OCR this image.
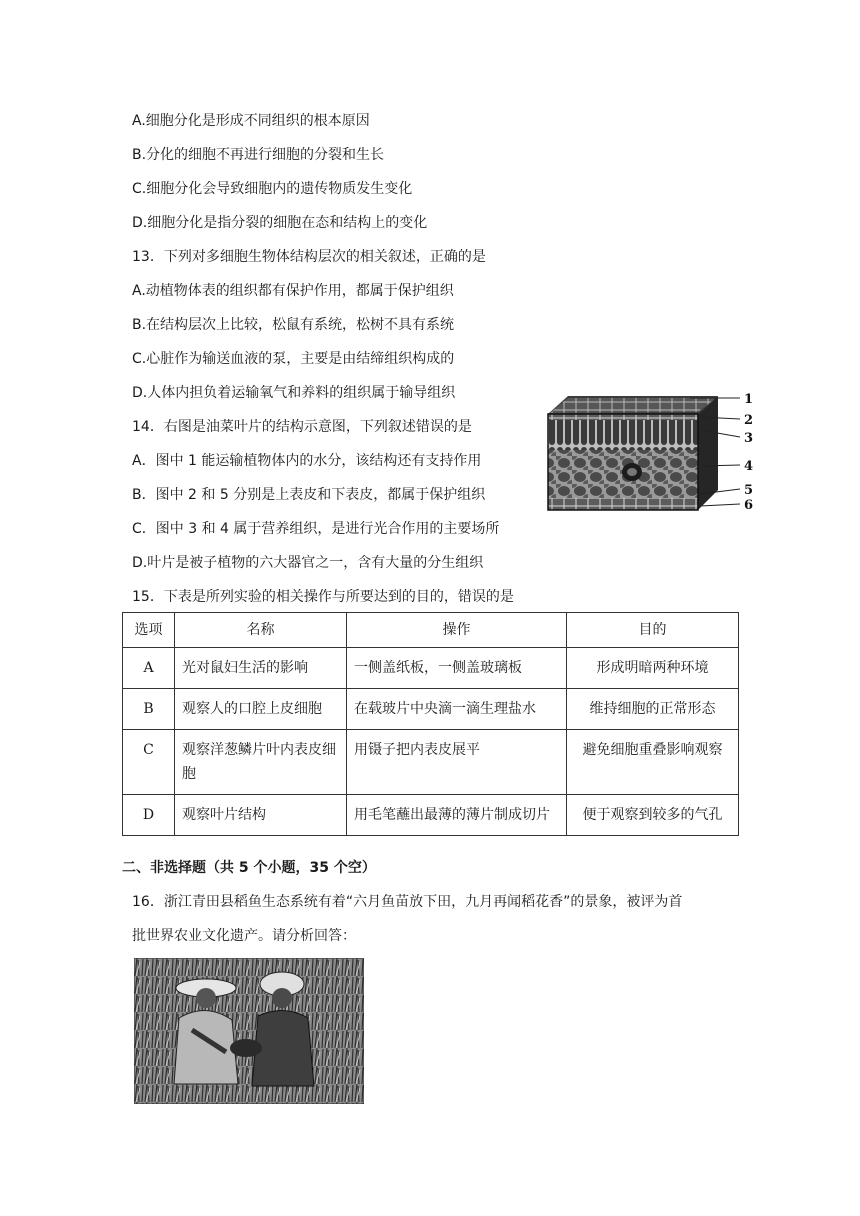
A.细胞分化是形成不同组织的根本原因
B.分化的细胞不再进行细胞的分裂和生长
C.细胞分化会导致细胞内的遗传物质发生变化
D.细胞分化是指分裂的细胞在态和结构上的变化
13．下列对多细胞生物体结构层次的相关叙述，正确的是
A.动植物体表的组织都有保护作用，都属于保护组织
B.在结构层次上比较，松鼠有系统，松树不具有系统
C.心脏作为输送血液的泵，主要是由结缔组织构成的
D.人体内担负着运输氧气和养料的组织属于输导组织
14．右图是油菜叶片的结构示意图，下列叙述错误的是
A．图中 1 能运输植物体内的水分，该结构还有支持作用
B．图中 2 和 5 分别是上表皮和下表皮，都属于保护组织
C．图中 3 和 4 属于营养组织，是进行光合作用的主要场所
D.叶片是被子植物的六大器官之一，含有大量的分生组织
1
2
3
4
5
6
15．下表是所列实验的相关操作与所要达到的目的，错误的是
选项	名称	操作	目的
A	光对鼠妇生活的影响	一侧盖纸板，一侧盖玻璃板	形成明暗两种环境
B	观察人的口腔上皮细胞	在载玻片中央滴一滴生理盐水	维持细胞的正常形态
C	观察洋葱鳞片叶内表皮细胞	用镊子把内表皮展平	避免细胞重叠影响观察
D	观察叶片结构	用毛笔蘸出最薄的薄片制成切片	便于观察到较多的气孔
二、非选择题（共 5 个小题，35 个空）
16．浙江青田县稻鱼生态系统有着“六月鱼苗放下田，九月再闻稻花香”的景象，被评为首
批世界农业文化遗产。请分析回答：
